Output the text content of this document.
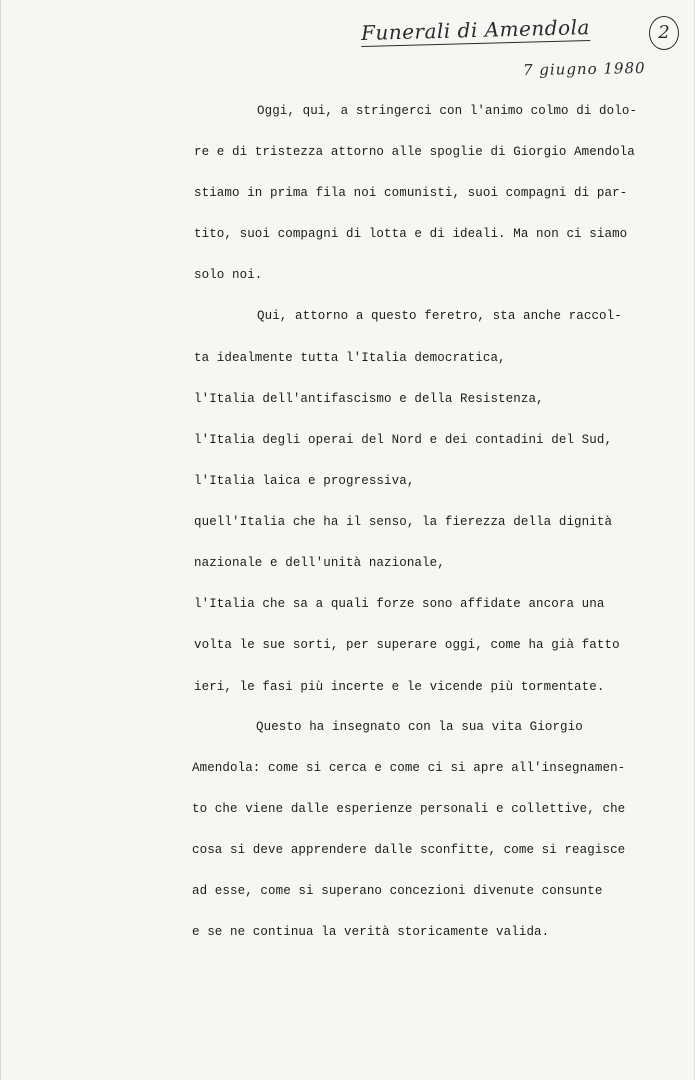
Funerali di Amendola
7 giugno 1980
2
Oggi, qui, a stringerci con l'animo colmo di dolo-
re e di tristezza attorno alle spoglie di Giorgio Amendola
stiamo in prima fila noi comunisti, suoi compagni di par-
tito, suoi compagni di lotta e di ideali. Ma non ci siamo
solo noi.
Qui, attorno a questo feretro, sta anche raccol-
ta idealmente tutta l'Italia democratica,
l'Italia dell'antifascismo e della Resistenza,
l'Italia degli operai del Nord e dei contadini del Sud,
l'Italia laica e progressiva,
quell'Italia che ha il senso, la fierezza della dignità
nazionale e dell'unità nazionale,
l'Italia che sa a quali forze sono affidate ancora una
volta le sue sorti, per superare oggi, come ha già fatto
ieri, le fasi più incerte e le vicende più tormentate.
Questo ha insegnato con la sua vita Giorgio
Amendola: come si cerca e come ci si apre all'insegnamen-
to che viene dalle esperienze personali e collettive, che
cosa si deve apprendere dalle sconfitte, come si reagisce
ad esse, come si superano concezioni divenute consunte
e se ne continua la verità storicamente valida.
